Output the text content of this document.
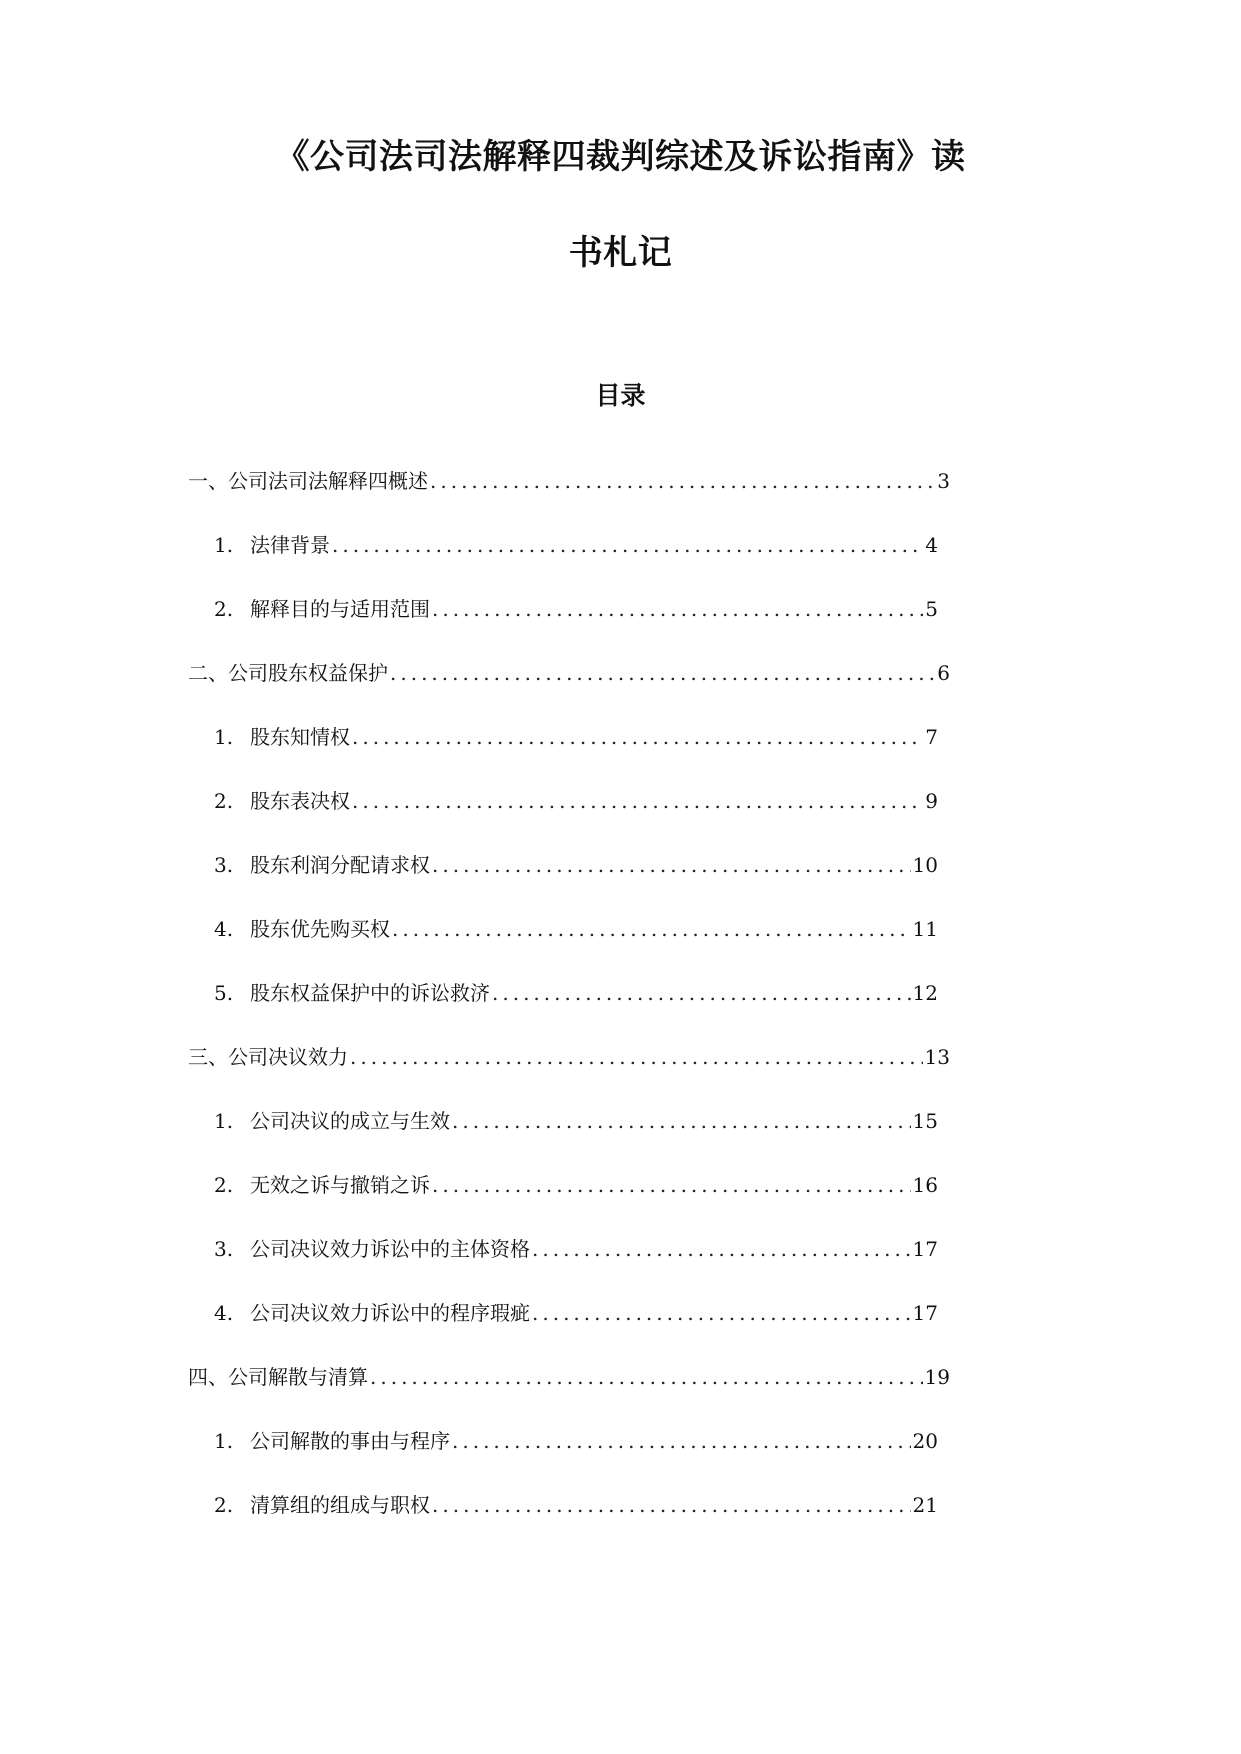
《公司法司法解释四裁判综述及诉讼指南》读
书札记
目录
一、公司法司法解释四概述 .....	3
1. 法律背景 .....	4
2. 解释目的与适用范围 .....	5
二、公司股东权益保护 .....	6
1. 股东知情权 .....	7
2. 股东表决权 .....	9
3. 股东利润分配请求权 .....	10
4. 股东优先购买权 .....	11
5. 股东权益保护中的诉讼救济 .....	12
三、公司决议效力 .....	13
1. 公司决议的成立与生效 .....	15
2. 无效之诉与撤销之诉 .....	16
3. 公司决议效力诉讼中的主体资格 .....	17
4. 公司决议效力诉讼中的程序瑕疵 .....	17
四、公司解散与清算 .....	19
1. 公司解散的事由与程序 .....	20
2. 清算组的组成与职权 .....	21
